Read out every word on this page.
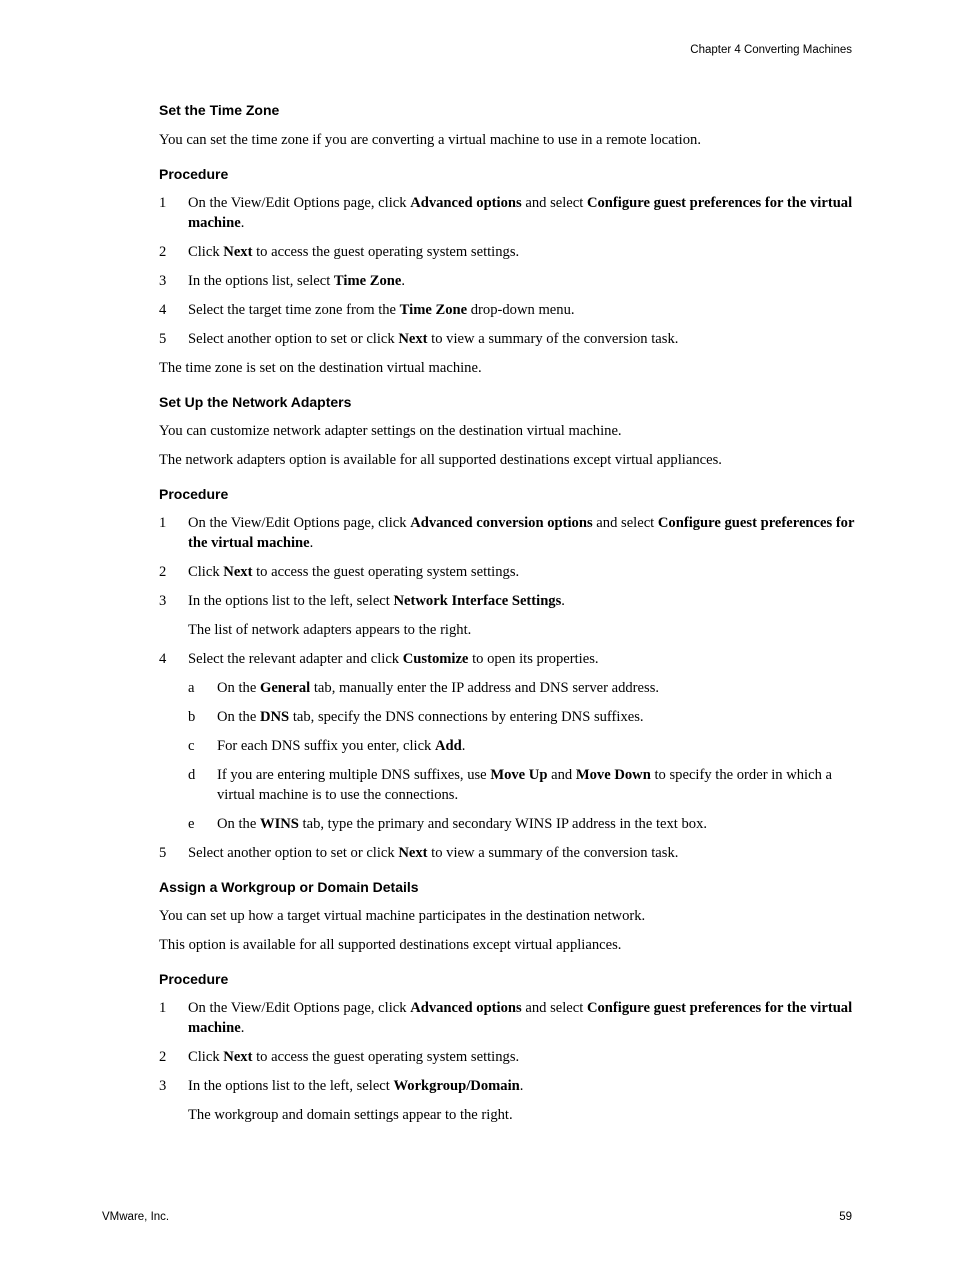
Chapter 4 Converting Machines
Set the Time Zone

You can set the time zone if you are converting a virtual machine to use in a remote location.

Procedure
1 On the View/Edit Options page, click Advanced options and select Configure guest preferences for the virtual machine.
2 Click Next to access the guest operating system settings.
3 In the options list, select Time Zone.
4 Select the target time zone from the Time Zone drop-down menu.
5 Select another option to set or click Next to view a summary of the conversion task.

The time zone is set on the destination virtual machine.

Set Up the Network Adapters

You can customize network adapter settings on the destination virtual machine.

The network adapters option is available for all supported destinations except virtual appliances.

Procedure
1 On the View/Edit Options page, click Advanced conversion options and select Configure guest preferences for the virtual machine.
2 Click Next to access the guest operating system settings.
3 In the options list to the left, select Network Interface Settings.

The list of network adapters appears to the right.

4 Select the relevant adapter and click Customize to open its properties.
a On the General tab, manually enter the IP address and DNS server address.
b On the DNS tab, specify the DNS connections by entering DNS suffixes.
c For each DNS suffix you enter, click Add.
d If you are entering multiple DNS suffixes, use Move Up and Move Down to specify the order in which a virtual machine is to use the connections.
e On the WINS tab, type the primary and secondary WINS IP address in the text box.
5 Select another option to set or click Next to view a summary of the conversion task.
Assign a Workgroup or Domain Details

You can set up how a target virtual machine participates in the destination network.

This option is available for all supported destinations except virtual appliances.

Procedure
1 On the View/Edit Options page, click Advanced options and select Configure guest preferences for the virtual machine.
2 Click Next to access the guest operating system settings.
3 In the options list to the left, select Workgroup/Domain.

The workgroup and domain settings appear to the right.

VMware, Inc.	59
